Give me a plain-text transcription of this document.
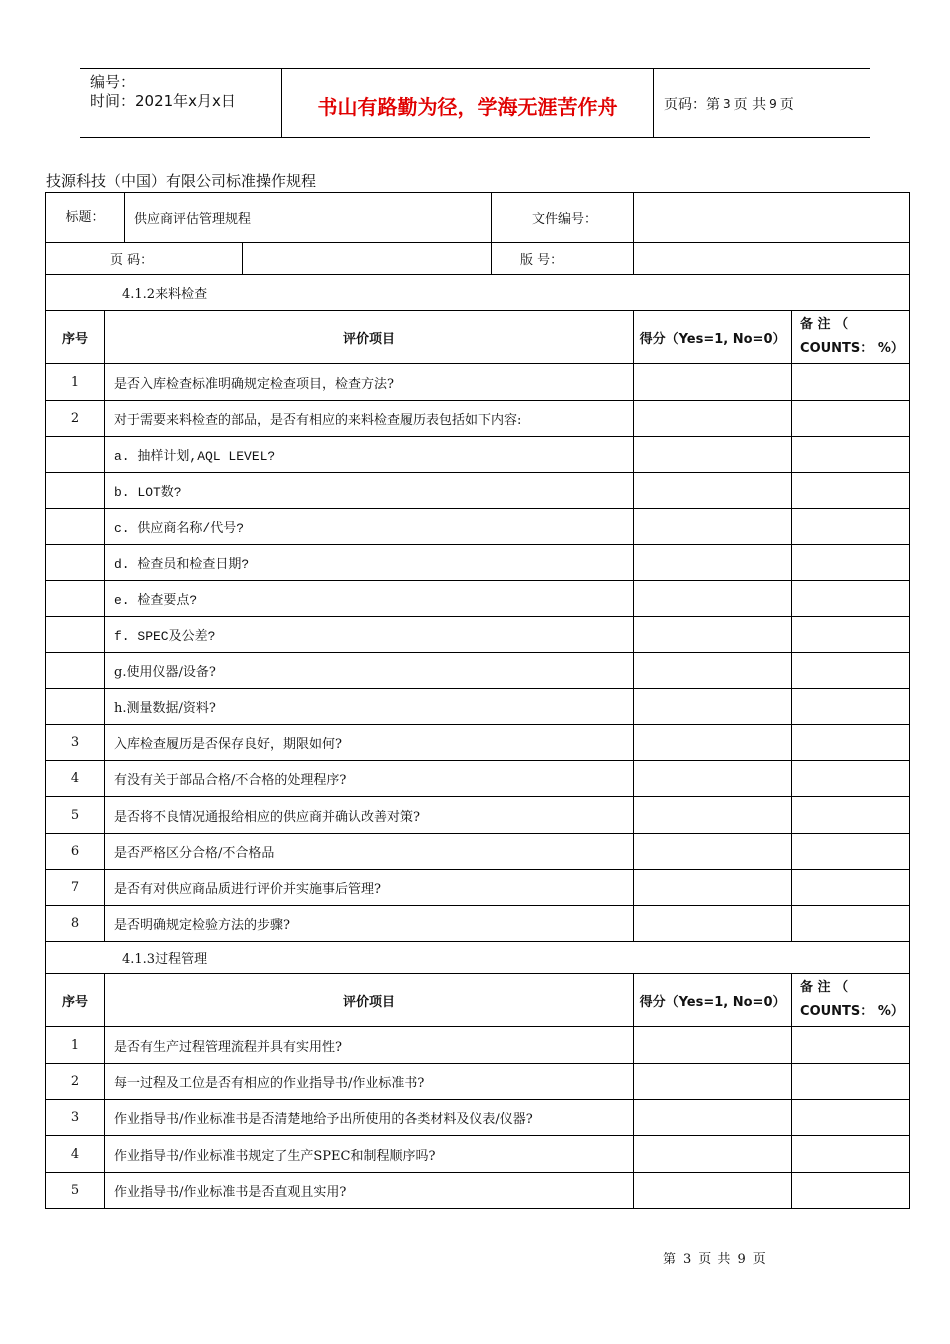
编号：
时间：2021年x月x日	书山有路勤为径，学海无涯苦作舟	页码：第 3 页 共 9 页
技源科技（中国）有限公司标准操作规程
标题：		供应商评估管理规程		文件编号：		
页 码：				版 号：		
4.1.2来料检查						
序号	评价项目				得分（Yes=1, No=0）	备 注 （ COUNTS： %）
1	是否入库检查标准明确规定检查项目，检查方法?					
2	对于需要来料检查的部品，是否有相应的来料检查履历表包括如下内容:					
	a. 抽样计划,AQL LEVEL?					
	b. LOT数?					
	c. 供应商名称/代号?					
	d. 检查员和检查日期?					
	e. 检查要点?					
	f. SPEC及公差?					
	g.使用仪器/设备?					
	h.测量数据/资料?					
3	入库检查履历是否保存良好，期限如何?					
4	有没有关于部品合格/不合格的处理程序?					
5	是否将不良情况通报给相应的供应商并确认改善对策?					
6	是否严格区分合格/不合格品					
7	是否有对供应商品质进行评价并实施事后管理?					
8	是否明确规定检验方法的步骤?					
4.1.3过程管理						
序号	评价项目				得分（Yes=1, No=0）	备 注 （ COUNTS： %）
1	是否有生产过程管理流程并具有实用性?					
2	每一过程及工位是否有相应的作业指导书/作业标准书?					
3	作业指导书/作业标准书是否清楚地给予出所使用的各类材料及仪表/仪器?					
4	作业指导书/作业标准书规定了生产SPEC和制程顺序吗?					
5	作业指导书/作业标准书是否直观且实用?					
第 3 页 共 9 页
